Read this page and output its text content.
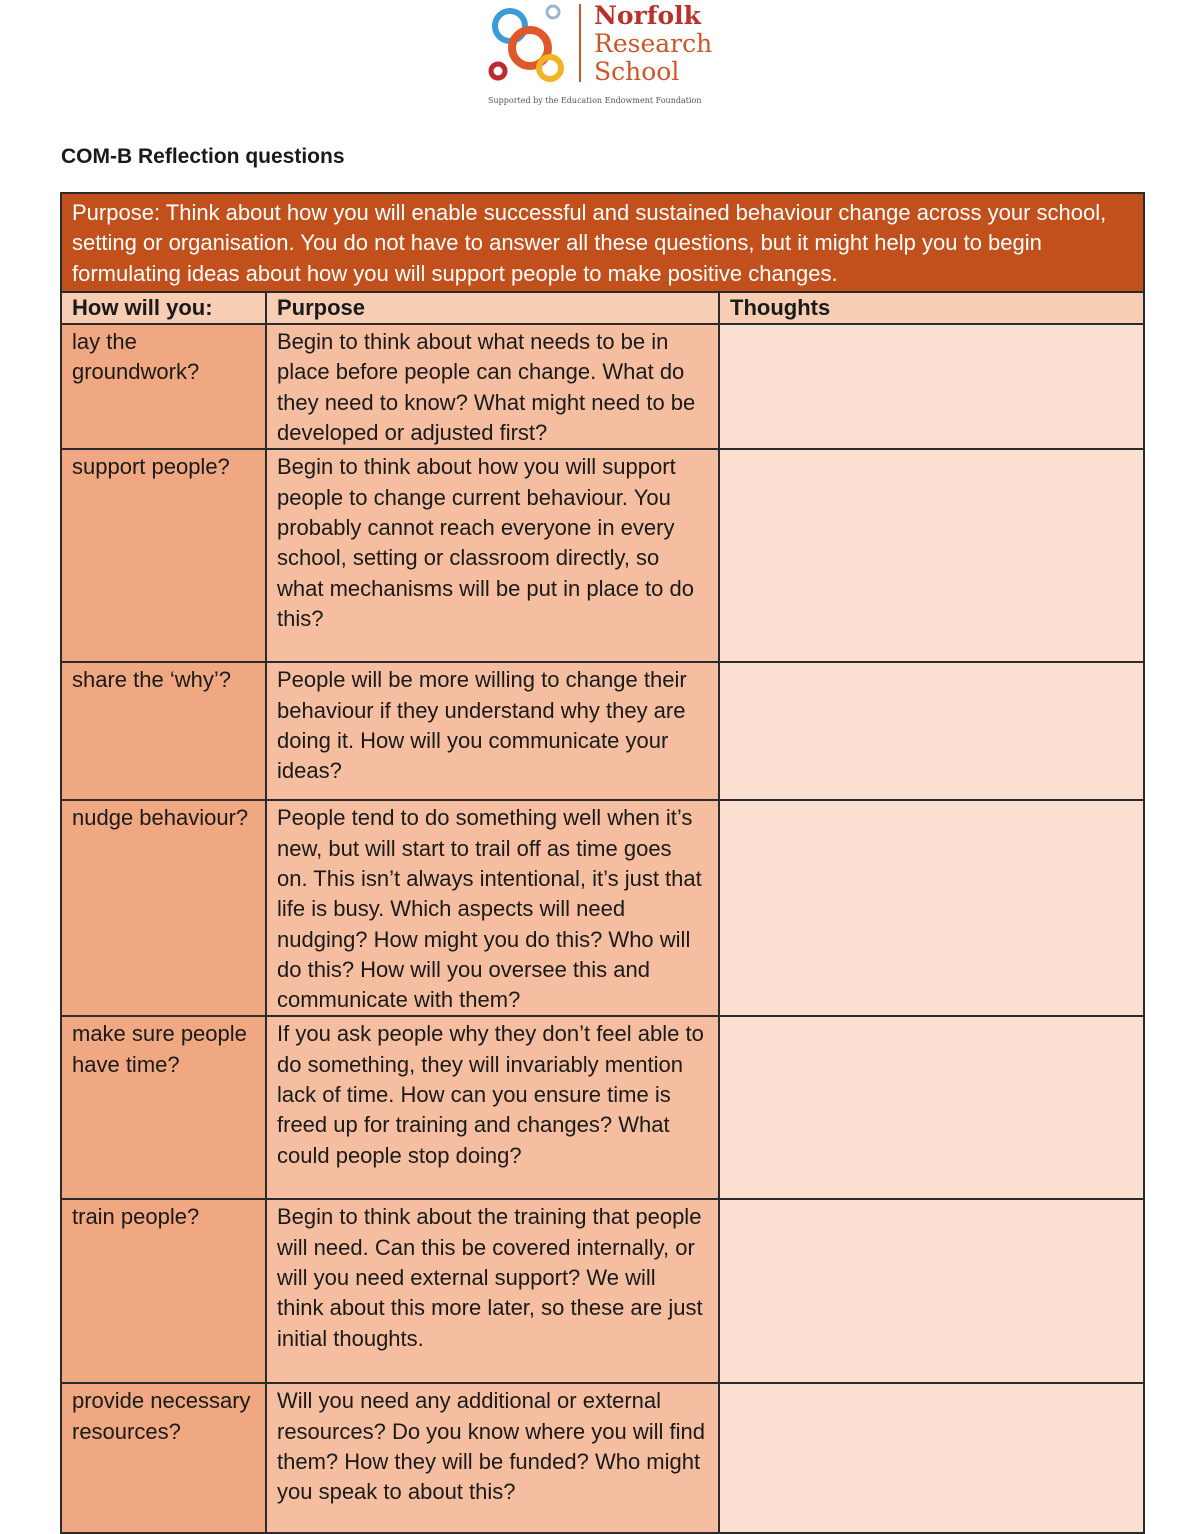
Norfolk
Research
School
Supported by the Education Endowment Foundation
COM-B Reflection questions
Purpose: Think about how you will enable successful and sustained behaviour change across your school, setting or organisation. You do not have to answer all these questions, but it might help you to begin formulating ideas about how you will support people to make positive changes.		
How will you:	Purpose	Thoughts
lay the groundwork?	Begin to think about what needs to be in place before people can change. What do they need to know? What might need to be developed or adjusted first?	
support people?	Begin to think about how you will support people to change current behaviour. You probably cannot reach everyone in every school, setting or classroom directly, so what mechanisms will be put in place to do this?	
share the ‘why’?	People will be more willing to change their behaviour if they understand why they are doing it. How will you communicate your ideas?	
nudge behaviour?	People tend to do something well when it’s new, but will start to trail off as time goes on. This isn’t always intentional, it’s just that life is busy. Which aspects will need nudging? How might you do this? Who will do this? How will you oversee this and communicate with them?	
make sure people have time?	If you ask people why they don’t feel able to do something, they will invariably mention lack of time. How can you ensure time is freed up for training and changes? What could people stop doing?	
train people?	Begin to think about the training that people will need. Can this be covered internally, or will you need external support? We will think about this more later, so these are just initial thoughts.	
provide necessary resources?	Will you need any additional or external resources? Do you know where you will find them? How they will be funded? Who might you speak to about this?	
